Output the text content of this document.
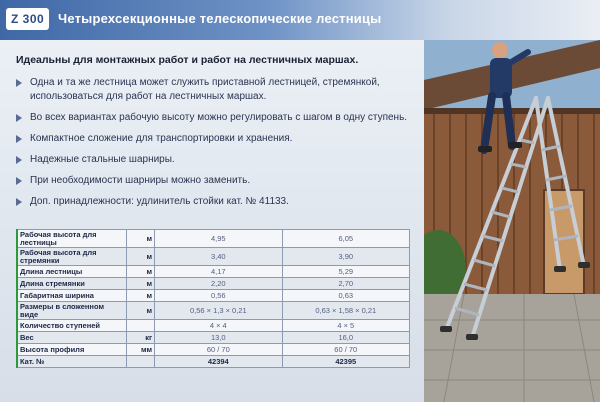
Z 300	Четырехсекционные телескопические лестницы
Идеальны для монтажных работ и работ на лестничных маршах.
Одна и та же лестница может служить приставной лестницей, стремянкой, использоваться для работ на лестничных маршах.
Во всех вариантах рабочую высоту можно регулировать с шагом в одну ступень.
Компактное сложение для транспортировки и хранения.
Надежные стальные шарниры.
При необходимости шарниры можно заменить.
Доп. принадлежности: удлинитель стойки кат. № 41133.
Рабочая высота для лестницы	м	4,95	6,05
Рабочая высота для стремянки	м	3,40	3,90
Длина лестницы	м	4,17	5,29
Длина стремянки	м	2,20	2,70
Габаритная ширина	м	0,56	0,63
Размеры в сложенном виде	м	0,56 × 1,3 × 0,21	0,63 × 1,58 × 0,21
Количество ступеней		4 × 4	4 × 5
Вес	кг	13,0	16,0
Высота профиля	мм	60 / 70	60 / 70
Кат. №		42394	42395
